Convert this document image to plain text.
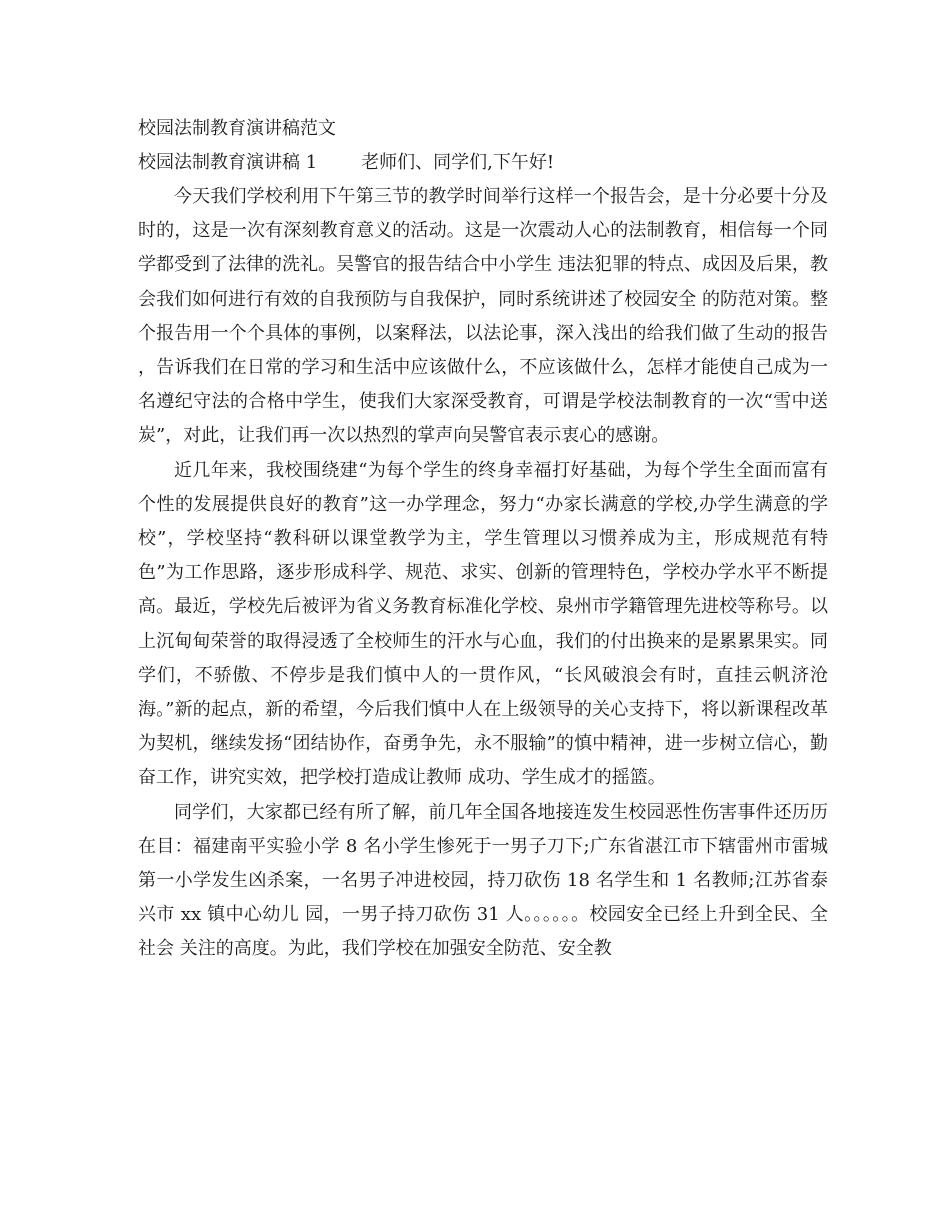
校园法制教育演讲稿范文
校园法制教育演讲稿 1 老师们、同学们,下午好!

今天我们学校利用下午第三节的教学时间举行这样一个报告会，是十分必要十分及时的，这是一次有深刻教育意义的活动。这是一次震动人心的法制教育，相信每一个同学都受到了法律的洗礼。吴警官的报告结合中小学生 违法犯罪的特点、成因及后果，教会我们如何进行有效的自我预防与自我保护，同时系统讲述了校园安全 的防范对策。整个报告用一个个具体的事例，以案释法，以法论事，深入浅出的给我们做了生动的报告 ，告诉我们在日常的学习和生活中应该做什么，不应该做什么，怎样才能使自己成为一名遵纪守法的合格中学生，使我们大家深受教育，可谓是学校法制教育的一次“雪中送炭”，对此，让我们再一次以热烈的掌声向吴警官表示衷心的感谢。

近几年来，我校围绕建“为每个学生的终身幸福打好基础，为每个学生全面而富有个性的发展提供良好的教育”这一办学理念，努力“办家长满意的学校,办学生满意的学校”，学校坚持“教科研以课堂教学为主，学生管理以习惯养成为主，形成规范有特色”为工作思路，逐步形成科学、规范、求实、创新的管理特色，学校办学水平不断提高。最近，学校先后被评为省义务教育标准化学校、泉州市学籍管理先进校等称号。以上沉甸甸荣誉的取得浸透了全校师生的汗水与心血，我们的付出换来的是累累果实。同学们，不骄傲、不停步是我们慎中人的一贯作风，“长风破浪会有时，直挂云帆济沧海。”新的起点，新的希望，今后我们慎中人在上级领导的关心支持下，将以新课程改革为契机，继续发扬“团结协作，奋勇争先，永不服输”的慎中精神，进一步树立信心，勤奋工作，讲究实效，把学校打造成让教师 成功、学生成才的摇篮。

同学们，大家都已经有所了解，前几年全国各地接连发生校园恶性伤害事件还历历在目：福建南平实验小学 8 名小学生惨死于一男子刀下;广东省湛江市下辖雷州市雷城第一小学发生凶杀案，一名男子冲进校园，持刀砍伤 18 名学生和 1 名教师;江苏省泰兴市 xx 镇中心幼儿 园，一男子持刀砍伤 31 人。。。。。。校园安全已经上升到全民、全社会 关注的高度。为此，我们学校在加强安全防范、安全教
